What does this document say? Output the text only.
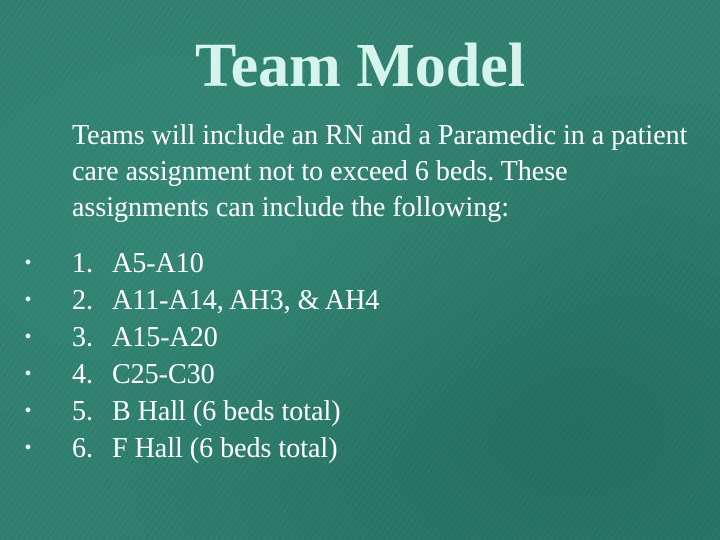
Team Model

Teams will include an RN and a Paramedic in a patient care assignment not to exceed 6 beds. These assignments can include the following:

• 1. A5-A10
• 2. A11-A14, AH3, & AH4
• 3. A15-A20
• 4. C25-C30
• 5. B Hall (6 beds total)
• 6. F Hall (6 beds total)
